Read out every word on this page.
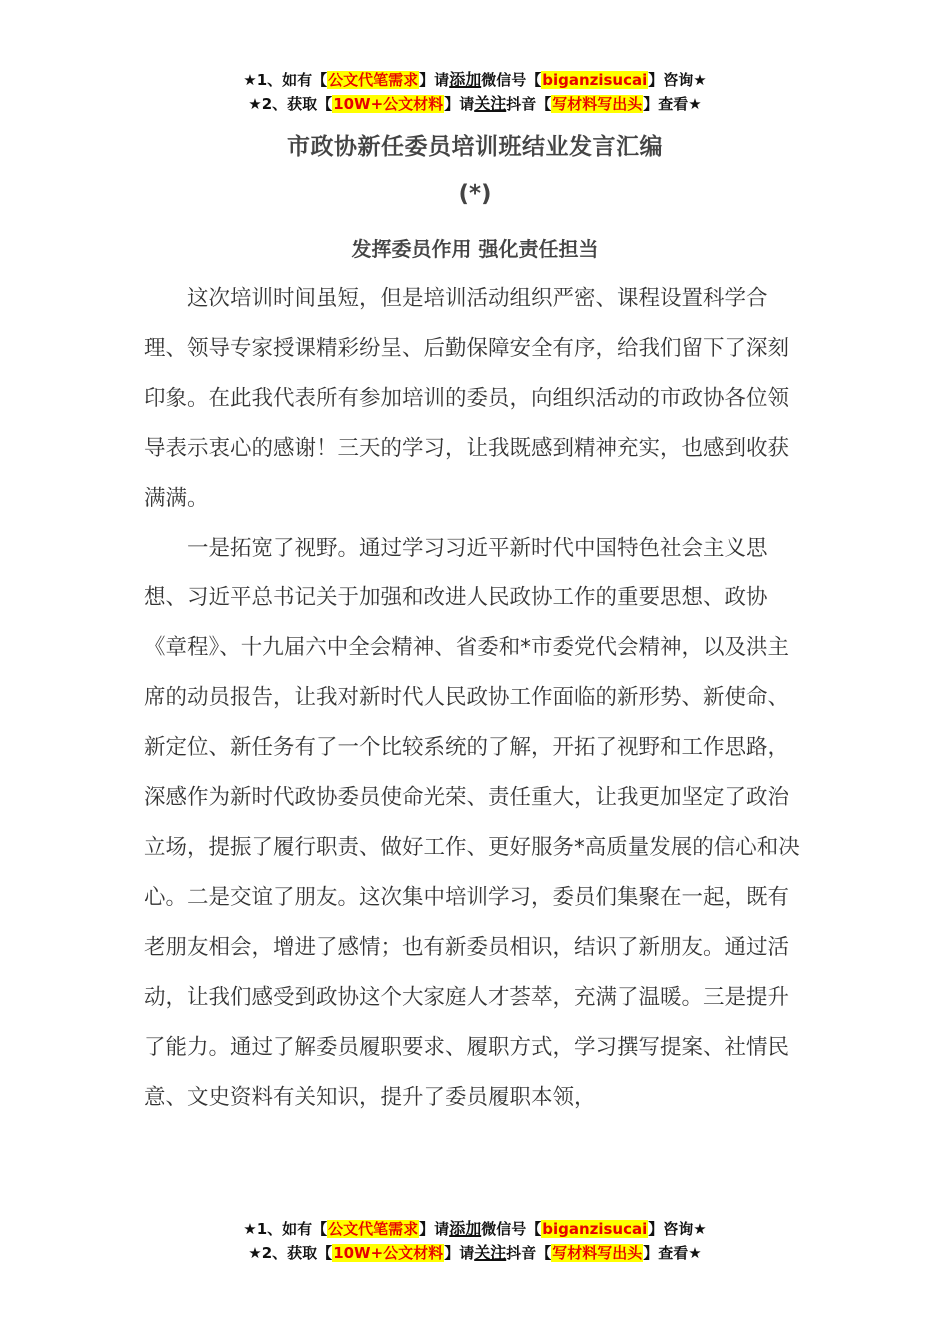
★1、如有【公文代笔需求】请添加微信号【biganzisucai】咨询★
★2、获取【10W+公文材料】请关注抖音【写材料写出头】查看★
市政协新任委员培训班结业发言汇编
(*)
发挥委员作用 强化责任担当

这次培训时间虽短，但是培训活动组织严密、课程设置科学合理、领导专家授课精彩纷呈、后勤保障安全有序，给我们留下了深刻印象。在此我代表所有参加培训的委员，向组织活动的市政协各位领导表示衷心的感谢！三天的学习，让我既感到精神充实，也感到收获满满。

一是拓宽了视野。通过学习习近平新时代中国特色社会主义思想、习近平总书记关于加强和改进人民政协工作的重要思想、政协《章程》、十九届六中全会精神、省委和*市委党代会精神，以及洪主席的动员报告，让我对新时代人民政协工作面临的新形势、新使命、新定位、新任务有了一个比较系统的了解，开拓了视野和工作思路，深感作为新时代政协委员使命光荣、责任重大，让我更加坚定了政治立场，提振了履行职责、做好工作、更好服务*高质量发展的信心和决心。二是交谊了朋友。这次集中培训学习，委员们集聚在一起，既有老朋友相会，增进了感情；也有新委员相识，结识了新朋友。通过活动，让我们感受到政协这个大家庭人才荟萃，充满了温暖。三是提升了能力。通过了解委员履职要求、履职方式，学习撰写提案、社情民意、文史资料有关知识，提升了委员履职本领，

★1、如有【公文代笔需求】请添加微信号【biganzisucai】咨询★
★2、获取【10W+公文材料】请关注抖音【写材料写出头】查看★
